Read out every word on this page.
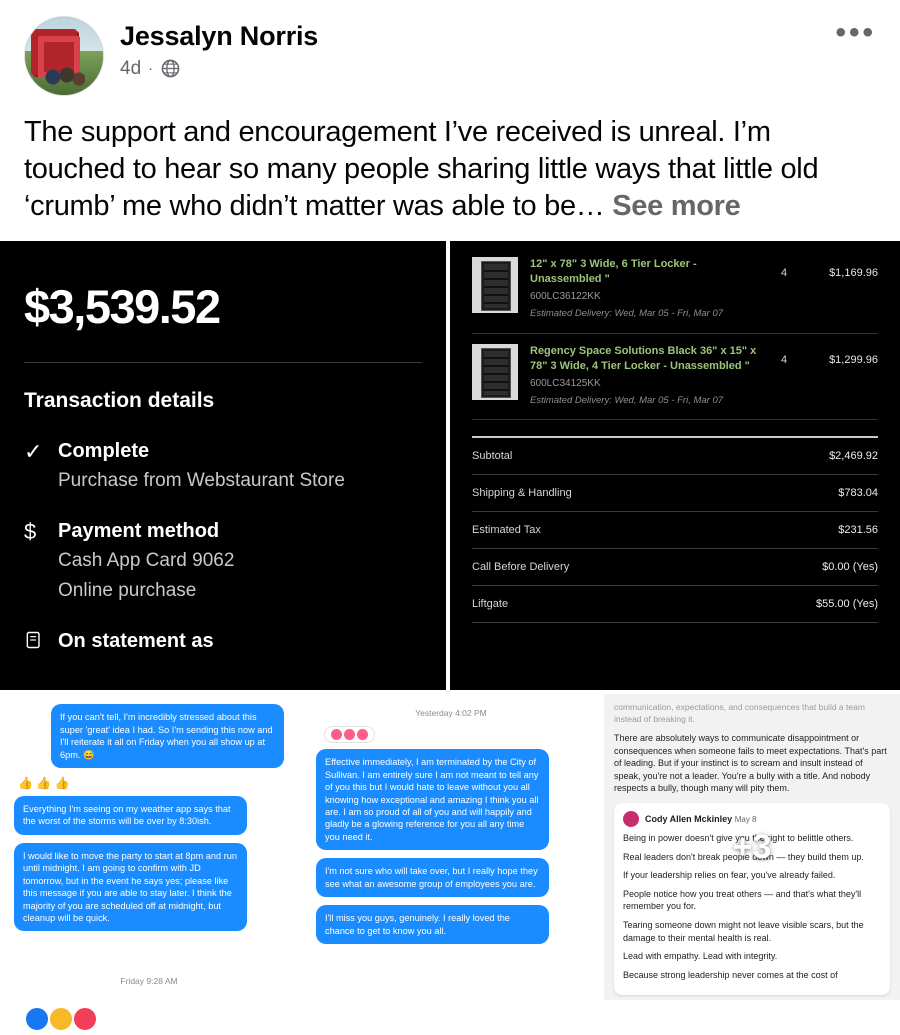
Jessalyn Norris
4d ·
•••
The support and encouragement I’ve received is unreal. I’m touched to hear so many people sharing little ways that little old ‘crumb’ me who didn’t matter was able to be… See more
$3,539.52
Transaction details
✓ Complete
Purchase from Webstaurant Store
$	Payment method
Cash App Card 9062
Online purchase
On statement as
12" x 78" 3 Wide, 6 Tier Locker - Unassembled "
600LC36122KK
Estimated Delivery: Wed, Mar 05 - Fri, Mar 07
4	$1,169.96
Regency Space Solutions Black 36" x 15" x 78" 3 Wide, 4 Tier Locker - Unassembled "
600LC34125KK
Estimated Delivery: Wed, Mar 05 - Fri, Mar 07
4	$1,299.96
Subtotal	$2,469.92
Shipping & Handling	$783.04
Estimated Tax	$231.56
Call Before Delivery	$0.00 (Yes)
Liftgate	$55.00 (Yes)
If you can't tell, I'm incredibly stressed about this super 'great' idea I had. So I'm sending this now and I'll reiterate it all on Friday when you all show up at 6pm. 😅
👍 👍 👍
Everything I'm seeing on my weather app says that the worst of the storms will be over by 8:30ish.
I would like to move the party to start at 8pm and run until midnight. I am going to confirm with JD tomorrow, but in the event he says yes; please like this message if you are able to stay later. I think the majority of you are scheduled off at midnight, but cleanup will be quick.
Friday 9:28 AM
Yesterday 4:02 PM
Effective immediately, I am terminated by the City of Sullivan. I am entirely sure I am not meant to tell any of you this but I would hate to leave without you all knowing how exceptional and amazing I think you all are. I am so proud of all of you and will happily and gladly be a glowing reference for you all any time you need it.
I'm not sure who will take over, but I really hope they see what an awesome group of employees you are.
I'll miss you guys, genuinely. I really loved the chance to get to know you all.
communication, expectations, and consequences that build a team instead of breaking it.

There are absolutely ways to communicate disappointment or consequences when someone fails to meet expectations. That's part of leading. But if your instinct is to scream and insult instead of speak, you're not a leader. You're a bully with a title. And nobody respects a bully, though many will pity them.

Cody Allen Mckinley May 8

Being in power doesn't give you the right to belittle others.

Real leaders don't break people down — they build them up.

If your leadership relies on fear, you've already failed.

People notice how you treat others — and that's what they'll remember you for.

Tearing someone down might not leave visible scars, but the damage to their mental health is real.

Lead with empathy. Lead with integrity.

Because strong leadership never comes at the cost of

+3
